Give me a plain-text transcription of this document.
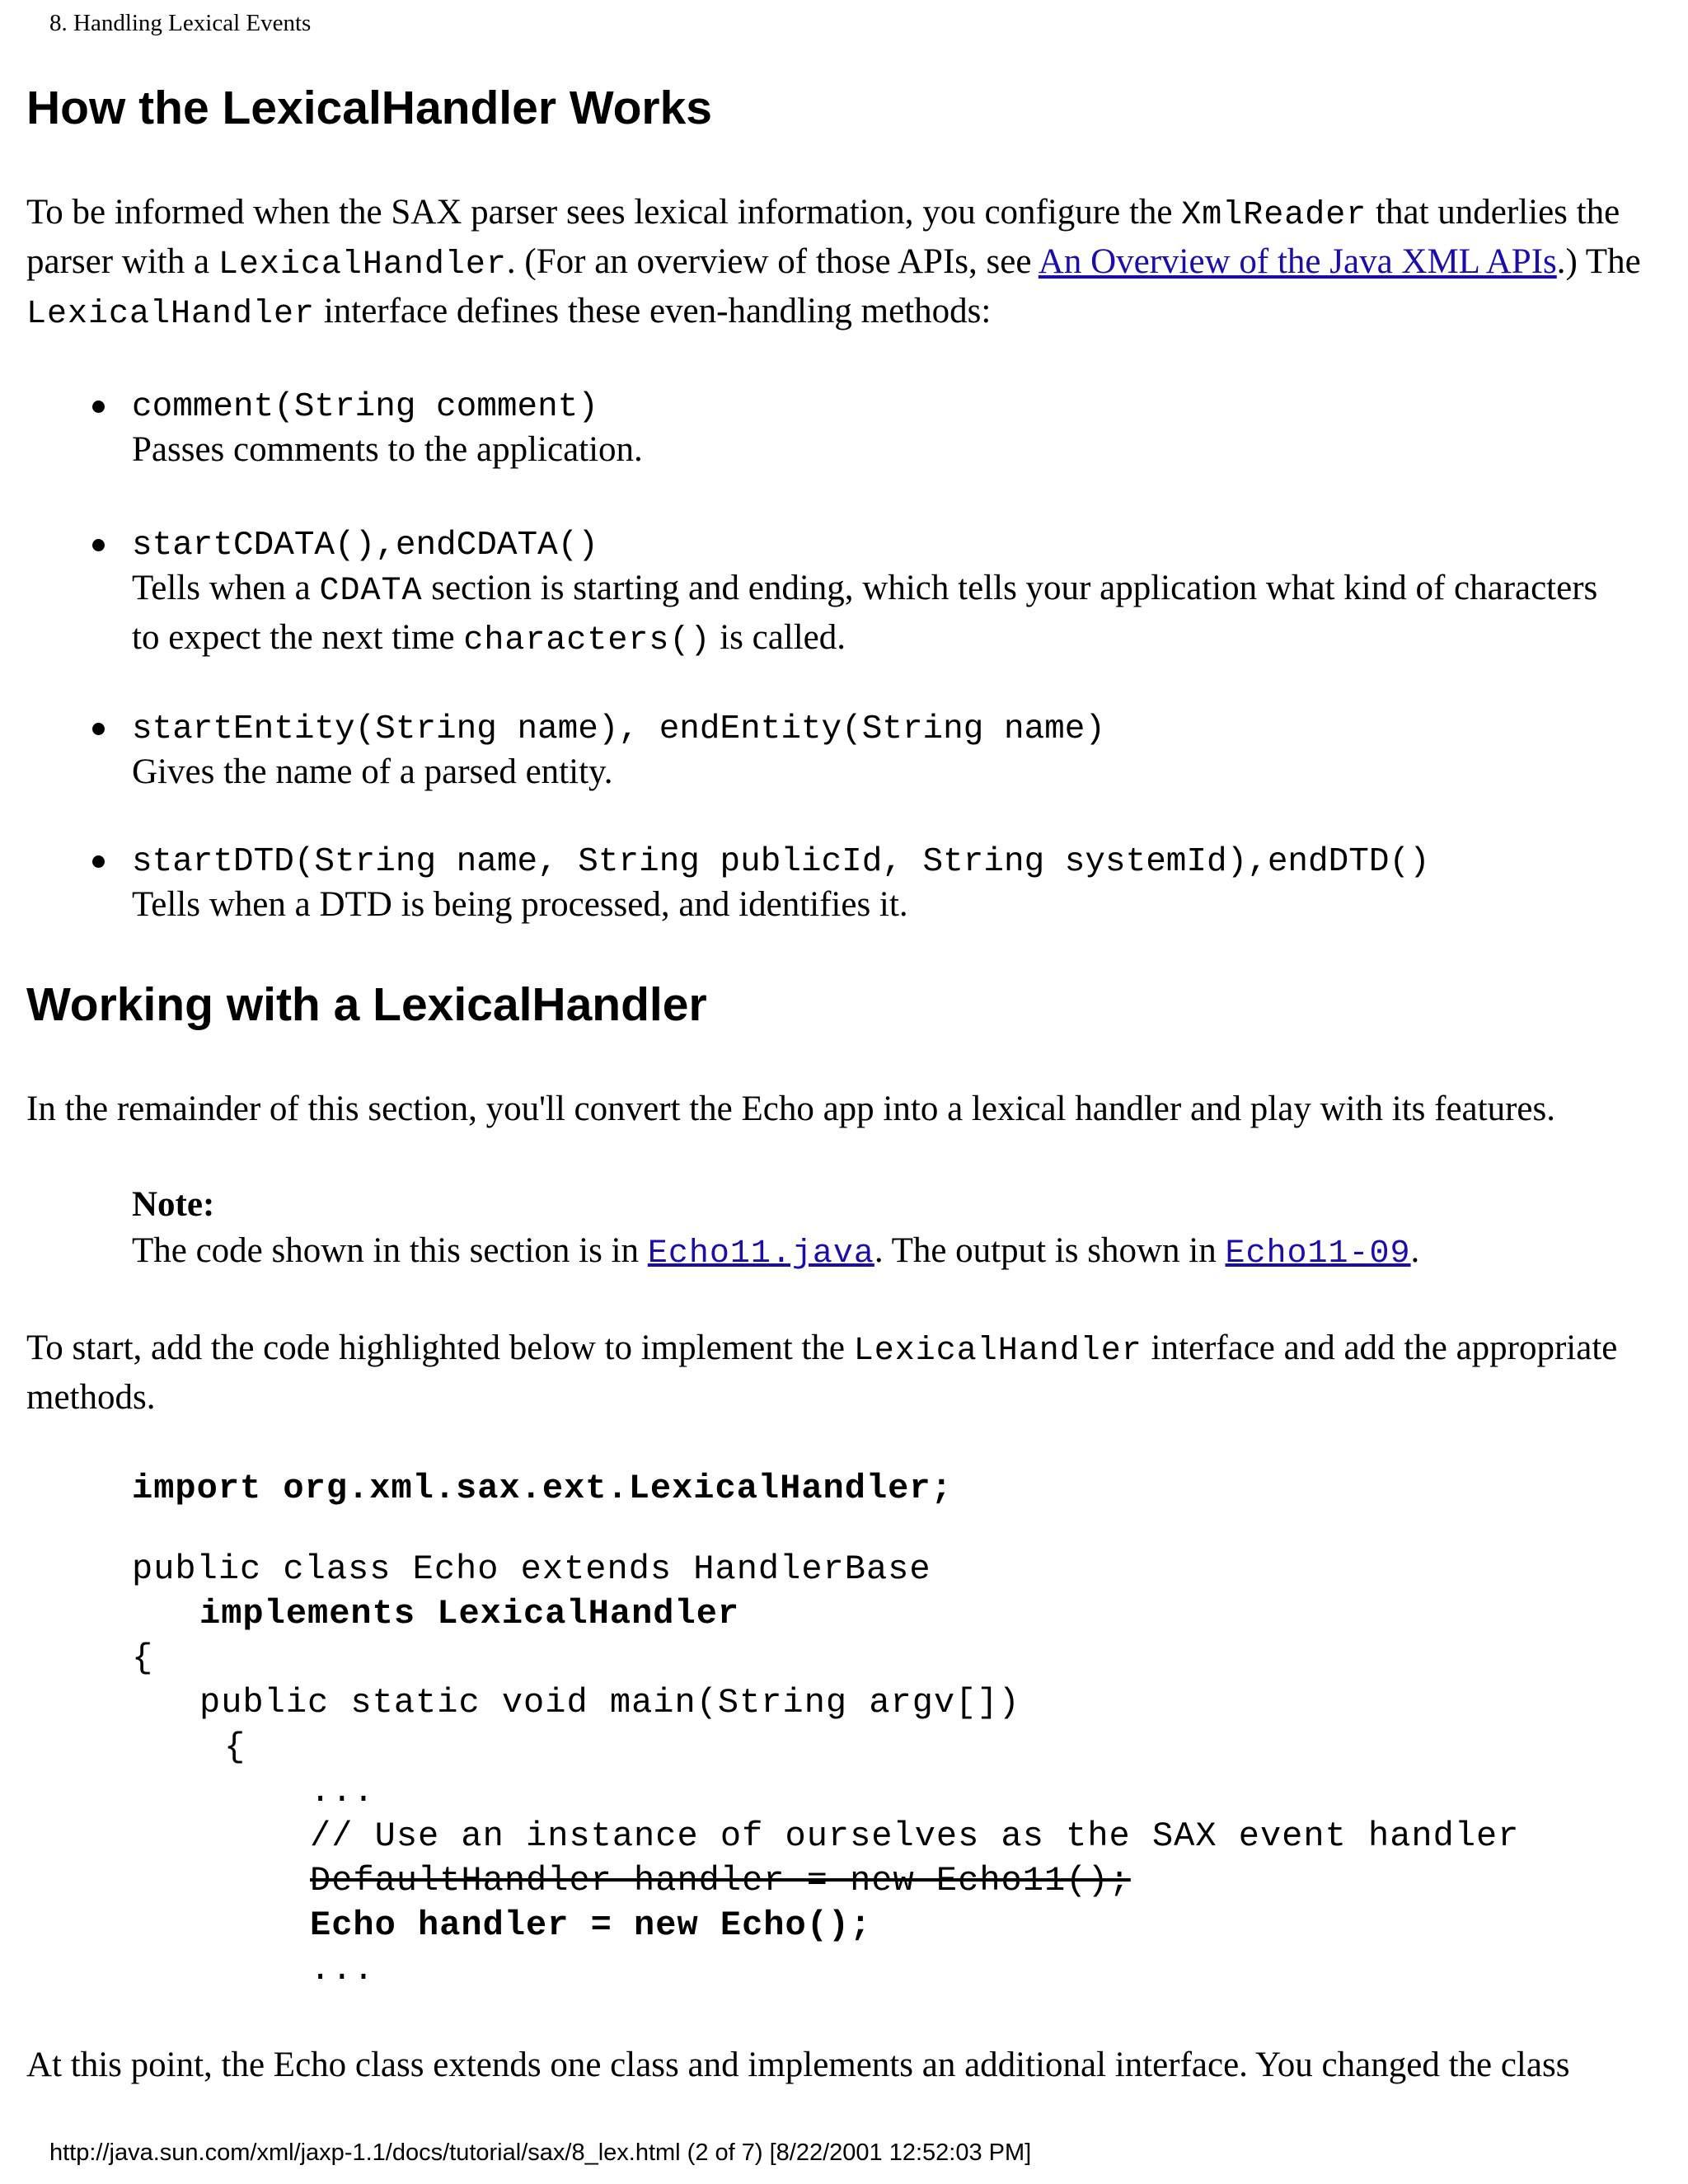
8. Handling Lexical Events
How the LexicalHandler Works

To be informed when the SAX parser sees lexical information, you configure the XmlReader that underlies the parser with a LexicalHandler. (For an overview of those APIs, see An Overview of the Java XML APIs.) The LexicalHandler interface defines these even-handling methods:

comment(String comment)
Passes comments to the application.
startCDATA(),endCDATA()
Tells when a CDATA section is starting and ending, which tells your application what kind of characters to expect the next time characters() is called.
startEntity(String name), endEntity(String name)
Gives the name of a parsed entity.
startDTD(String name, String publicId, String systemId),endDTD()
Tells when a DTD is being processed, and identifies it.
Working with a LexicalHandler

In the remainder of this section, you'll convert the Echo app into a lexical handler and play with its features.

Note:
The code shown in this section is in Echo11.java. The output is shown in Echo11-09.

To start, add the code highlighted below to implement the LexicalHandler interface and add the appropriate methods.

import org.xml.sax.ext.LexicalHandler;
public class Echo extends HandlerBase
implements LexicalHandler
{
public static void main(String argv[])
{
...
// Use an instance of ourselves as the SAX event handler
DefaultHandler handler = new Echo11();
Echo handler = new Echo();
...

At this point, the Echo class extends one class and implements an additional interface. You changed the class

http://java.sun.com/xml/jaxp-1.1/docs/tutorial/sax/8_lex.html (2 of 7) [8/22/2001 12:52:03 PM]
